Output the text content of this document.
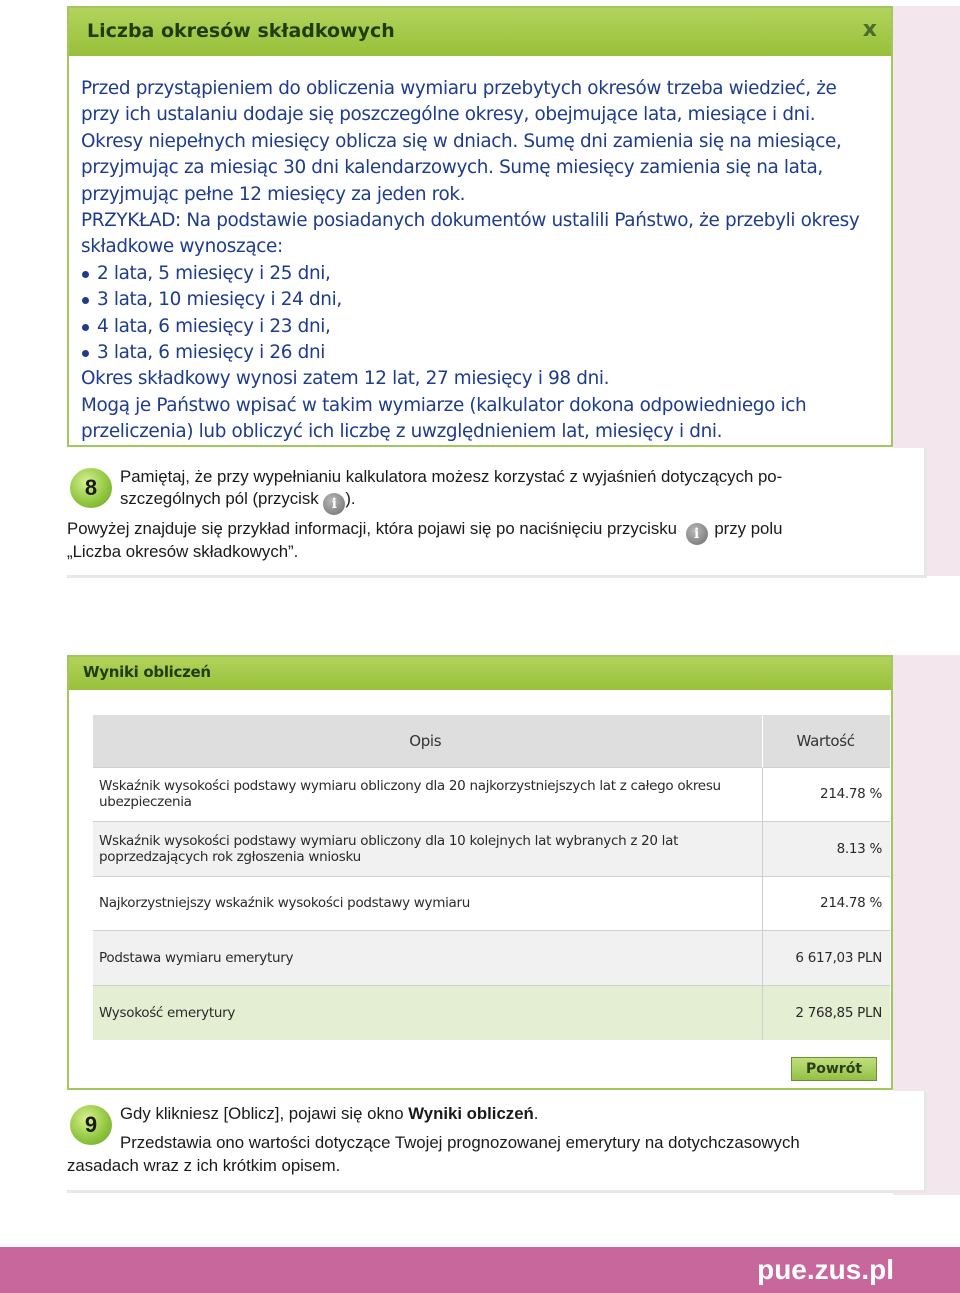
Liczba okresów składkowych	x

Przed przystąpieniem do obliczenia wymiaru przebytych okresów trzeba wiedzieć, że przy ich ustalaniu dodaje się poszczególne okresy, obejmujące lata, miesiące i dni. Okresy niepełnych miesięcy oblicza się w dniach. Sumę dni zamienia się na miesiące, przyjmując za miesiąc 30 dni kalendarzowych. Sumę miesięcy zamienia się na lata, przyjmując pełne 12 miesięcy za jeden rok.

PRZYKŁAD: Na podstawie posiadanych dokumentów ustalili Państwo, że przebyli okresy składkowe wynoszące:

2 lata, 5 miesięcy i 25 dni,
3 lata, 10 miesięcy i 24 dni,
4 lata, 6 miesięcy i 23 dni,
3 lata, 6 miesięcy i 26 dni

Okres składkowy wynosi zatem 12 lat, 27 miesięcy i 98 dni.

Mogą je Państwo wpisać w takim wymiarze (kalkulator dokona odpowiedniego ich przeliczenia) lub obliczyć ich liczbę z uwzględnieniem lat, miesięcy i dni.

8	Pamiętaj, że przy wypełnianiu kalkulatora możesz korzystać z wyjaśnień dotyczących po-
szczególnych pól (przycisk i ).
Powyżej znajduje się przykład informacji, która pojawi się po naciśnięciu przycisku i przy polu
„Liczba okresów składkowych”.
Wyniki obliczeń
Opis	Wartość
Wskaźnik wysokości podstawy wymiaru obliczony dla 20 najkorzystniejszych lat z całego okresu ubezpieczenia	214.78 %
Wskaźnik wysokości podstawy wymiaru obliczony dla 10 kolejnych lat wybranych z 20 lat poprzedzających rok zgłoszenia wniosku	8.13 %
Najkorzystniejszy wskaźnik wysokości podstawy wymiaru	214.78 %
Podstawa wymiaru emerytury	6 617,03 PLN
Wysokość emerytury	2 768,85 PLN
Powrót
9	Gdy klikniesz [Oblicz], pojawi się okno Wyniki obliczeń.
Przedstawia ono wartości dotyczące Twojej prognozowanej emerytury na dotychczasowych
zasadach wraz z ich krótkim opisem.
pue.zus.pl
